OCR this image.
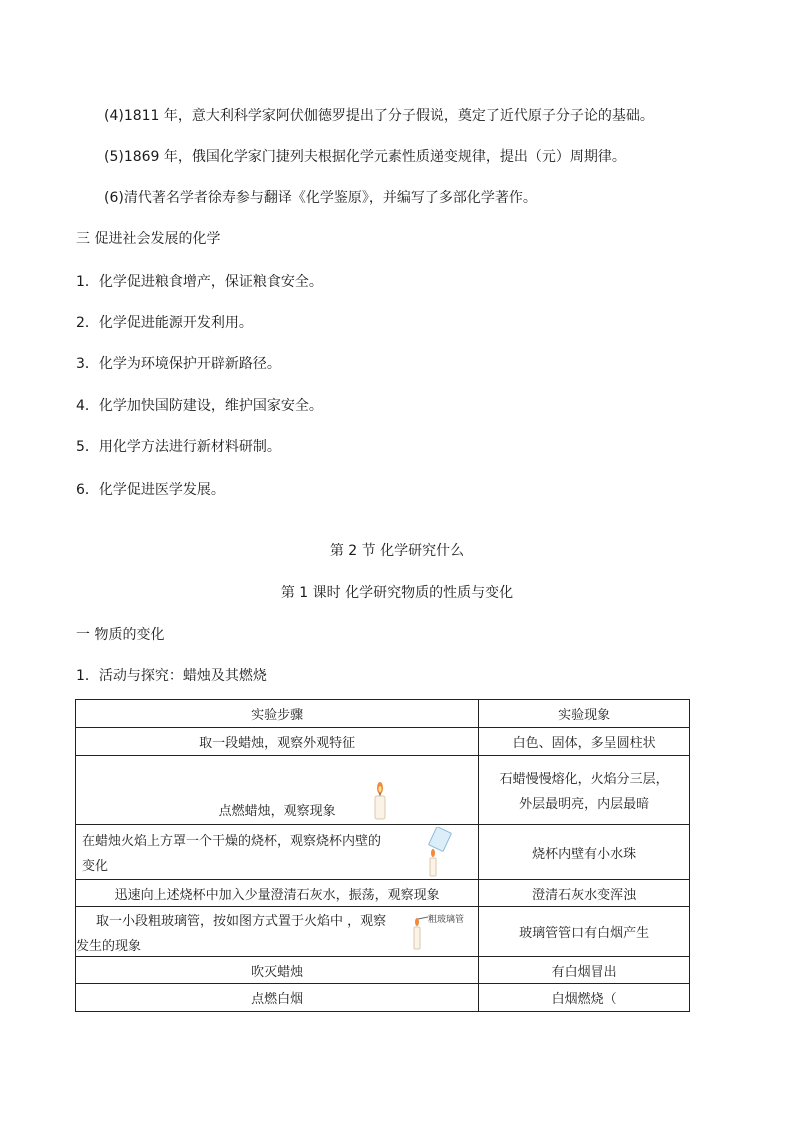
(4)1811 年，意大利科学家阿伏伽德罗提出了分子假说，奠定了近代原子分子论的基础。
(5)1869 年，俄国化学家门捷列夫根据化学元素性质递变规律，提出（元）周期律。
(6)清代著名学者徐寿参与翻译《化学鉴原》，并编写了多部化学著作。
三 促进社会发展的化学
1．化学促进粮食增产，保证粮食安全。
2．化学促进能源开发利用。
3．化学为环境保护开辟新路径。
4．化学加快国防建设，维护国家安全。
5．用化学方法进行新材料研制。
6．化学促进医学发展。
第 2 节 化学研究什么
第 1 课时 化学研究物质的性质与变化
一 物质的变化
1．活动与探究：蜡烛及其燃烧
实验步骤	实验现象
取一段蜡烛，观察外观特征	白色、固体，多呈圆柱状
点燃蜡烛，观察现象	石蜡慢慢熔化，火焰分三层，
外层最明亮，内层最暗

在蜡烛火焰上方罩一个干燥的烧杯，观察烧杯内壁的
变化	烧杯内壁有小水珠
迅速向上述烧杯中加入少量澄清石灰水，振荡，观察现象	澄清石灰水变浑浊

取一小段粗玻璃管，按如图方式置于火焰中 ，观察
发生的现象
粗玻璃管	玻璃管管口有白烟产生
吹灭蜡烛	有白烟冒出
点燃白烟	白烟燃烧（
